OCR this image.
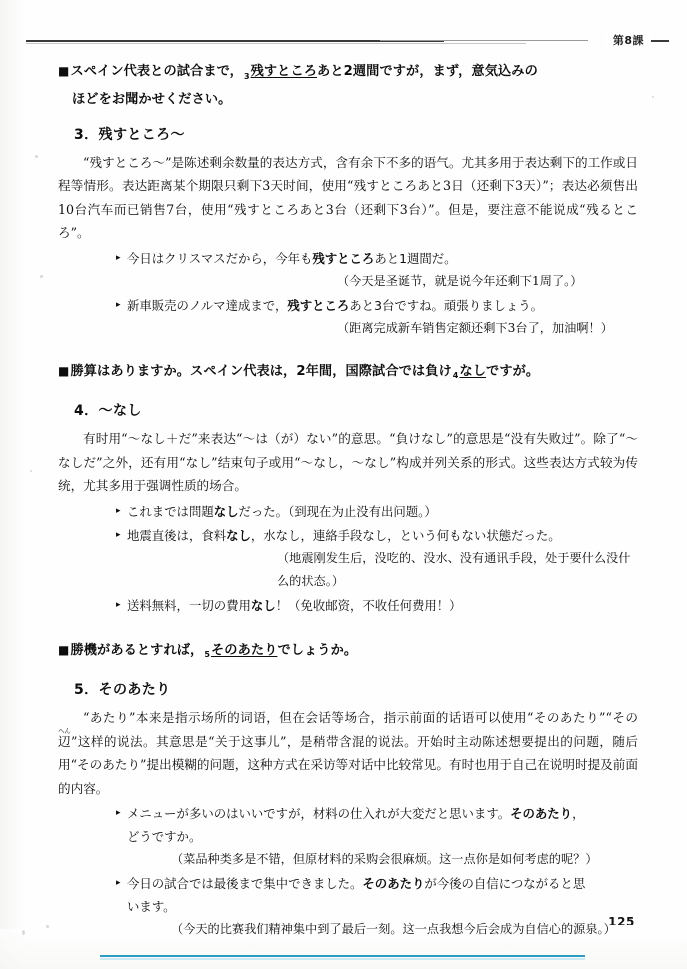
第8課

■スペイン代表との試合まで，$_3$残すところあと2週間ですが，まず，意気込みの
ほどをお聞かせください。

3．残すところ～

“残すところ～”是陈述剩余数量的表达方式，含有余下不多的语气。尤其多用于表达剩下的工作或日程等情形。表达距离某个期限只剩下3天时间，使用“残すところあと3日（还剩下3天）”；表达必须售出10台汽车而已销售7台，使用“残すところあと3台（还剩下3台）”。但是，要注意不能说成“残るところ”。

▸ 今日はクリスマスだから，今年も残すところあと1週間だ。
（今天是圣诞节，就是说今年还剩下1周了。）
▸ 新車販売のノルマ達成まで，残すところあと3台ですね。頑張りましょう。
（距离完成新车销售定额还剩下3台了，加油啊！）

■勝算はありますか。スペイン代表は，2年間，国際試合では負け$_4$なしですが。

4．～なし

有时用“～なし＋だ”来表达“～は（が）ない”的意思。“負けなし”的意思是“没有失败过”。除了“～なしだ”之外，还有用“なし”结束句子或用“～なし，～なし”构成并列关系的形式。这些表达方式较为传统，尤其多用于强调性质的场合。

▸ これまでは問題なしだった。（到现在为止没有出问题。）
▸ 地震直後は，食料なし，水なし，連絡手段なし，という何もない状態だった。
（地震刚发生后，没吃的、没水、没有通讯手段，处于要什么没什么的状态。）
▸ 送料無料，一切の費用なし！（免收邮资，不收任何费用！）

■勝機があるとすれば，$_5$そのあたりでしょうか。

5．そのあたり

“あたり”本来是指示场所的词语，但在会话等场合，指示前面的话语可以使用“そのあたり”“その辺へん”这样的说法。其意思是“关于这事儿”，是稍带含混的说法。开始时主动陈述想要提出的问题，随后用“そのあたり”提出模糊的问题，这种方式在采访等对话中比较常见。有时也用于自己在说明时提及前面的内容。

▸ メニューが多いのはいいですが，材料の仕入れが大変だと思います。そのあたり，
どうですか。
（菜品种类多是不错，但原材料的采购会很麻烦。这一点你是如何考虑的呢？）
▸ 今日の試合では最後まで集中できました。そのあたりが今後の自信につながると思
います。
（今天的比赛我们精神集中到了最后一刻。这一点我想今后会成为自信心的源泉。）
125
